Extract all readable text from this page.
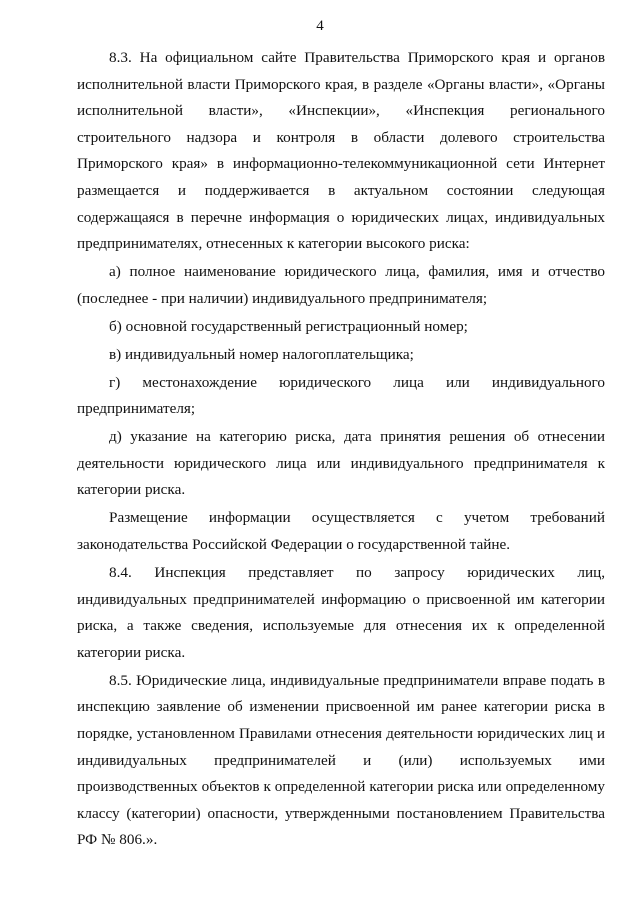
4

8.3. На официальном сайте Правительства Приморского края и органов исполнительной власти Приморского края, в разделе «Органы власти», «Органы исполнительной власти», «Инспекции», «Инспекция регионального строительного надзора и контроля в области долевого строительства Приморского края» в информационно-телекоммуникационной сети Интернет размещается и поддерживается в актуальном состоянии следующая содержащаяся в перечне информация о юридических лицах, индивидуальных предпринимателях, отнесенных к категории высокого риска:

а) полное наименование юридического лица, фамилия, имя и отчество (последнее - при наличии) индивидуального предпринимателя;

б) основной государственный регистрационный номер;

в) индивидуальный номер налогоплательщика;

г) местонахождение юридического лица или индивидуального предпринимателя;

д) указание на категорию риска, дата принятия решения об отнесении деятельности юридического лица или индивидуального предпринимателя к категории риска.

Размещение информации осуществляется с учетом требований законодательства Российской Федерации о государственной тайне.

8.4. Инспекция представляет по запросу юридических лиц, индивидуальных предпринимателей информацию о присвоенной им категории риска, а также сведения, используемые для отнесения их к определенной категории риска.

8.5. Юридические лица, индивидуальные предприниматели вправе подать в инспекцию заявление об изменении присвоенной им ранее категории риска в порядке, установленном Правилами отнесения деятельности юридических лиц и индивидуальных предпринимателей и (или) используемых ими производственных объектов к определенной категории риска или определенному классу (категории) опасности, утвержденными постановлением Правительства РФ № 806.».
